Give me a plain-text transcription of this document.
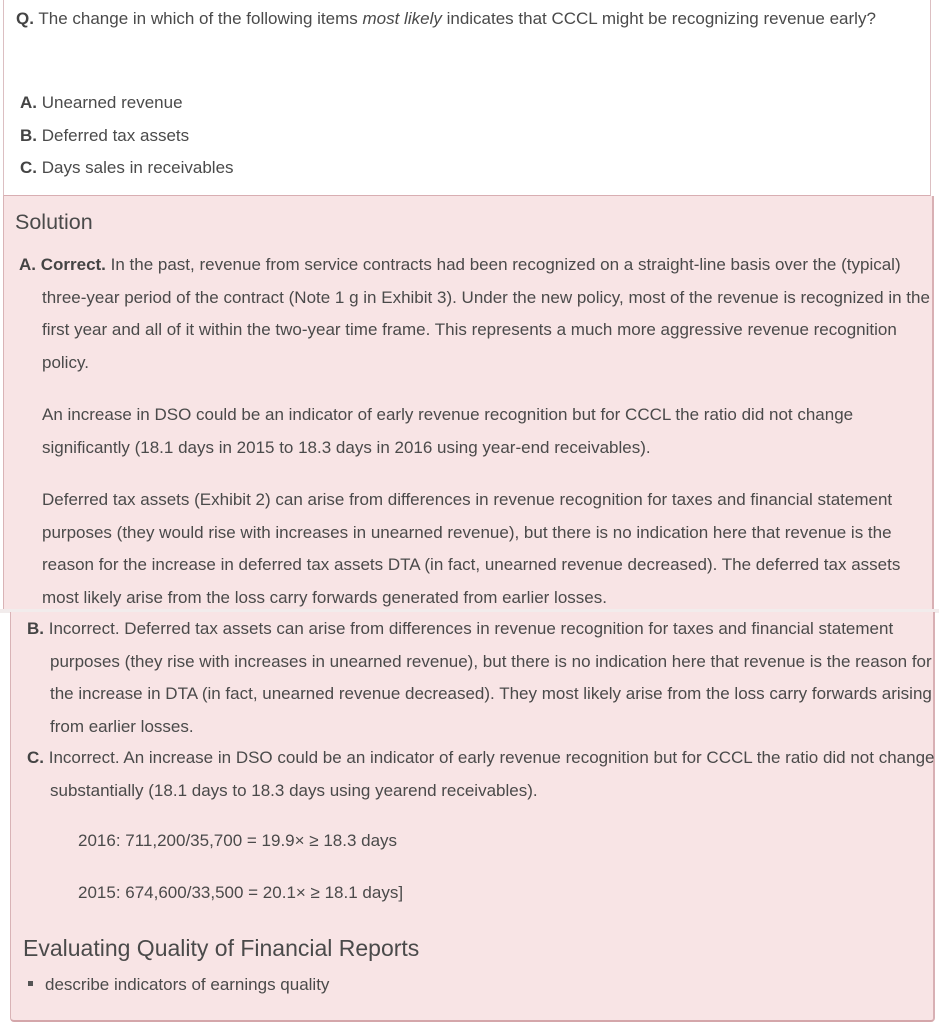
Q. The change in which of the following items most likely indicates that CCCL might be recognizing revenue early?
A. Unearned revenue
B. Deferred tax assets
C. Days sales in receivables
Solution
A. Correct. In the past, revenue from service contracts had been recognized on a straight-line basis over the (typical) three-year period of the contract (Note 1 g in Exhibit 3). Under the new policy, most of the revenue is recognized in the first year and all of it within the two-year time frame. This represents a much more aggressive revenue recognition policy.
An increase in DSO could be an indicator of early revenue recognition but for CCCL the ratio did not change significantly (18.1 days in 2015 to 18.3 days in 2016 using year-end receivables).
Deferred tax assets (Exhibit 2) can arise from differences in revenue recognition for taxes and financial statement purposes (they would rise with increases in unearned revenue), but there is no indication here that revenue is the reason for the increase in deferred tax assets DTA (in fact, unearned revenue decreased). The deferred tax assets most likely arise from the loss carry forwards generated from earlier losses.
B. Incorrect. Deferred tax assets can arise from differences in revenue recognition for taxes and financial statement purposes (they rise with increases in unearned revenue), but there is no indication here that revenue is the reason for the increase in DTA (in fact, unearned revenue decreased). They most likely arise from the loss carry forwards arising from earlier losses.
C. Incorrect. An increase in DSO could be an indicator of early revenue recognition but for CCCL the ratio did not change substantially (18.1 days to 18.3 days using yearend receivables).
2016: 711,200/35,700 = 19.9× ≥ 18.3 days
2015: 674,600/33,500 = 20.1× ≥ 18.1 days]
Evaluating Quality of Financial Reports
describe indicators of earnings quality
